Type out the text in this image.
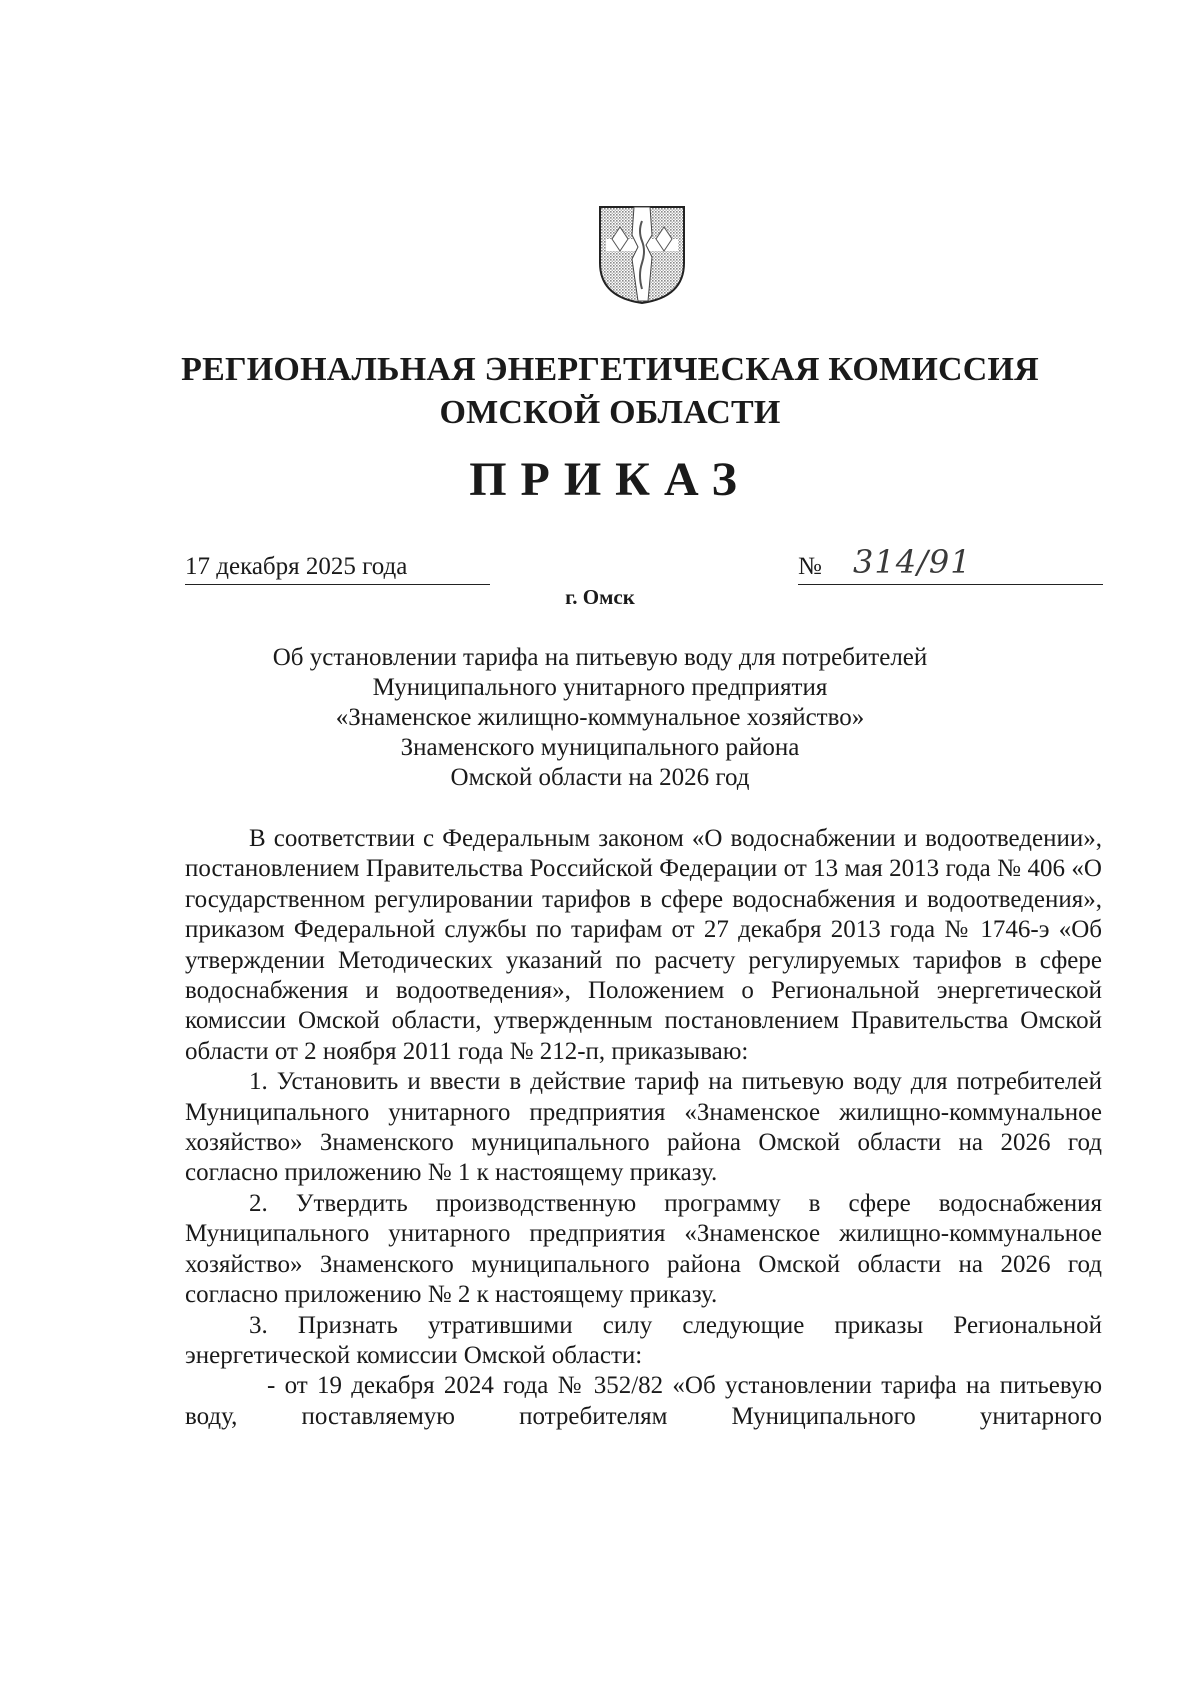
РЕГИОНАЛЬНАЯ ЭНЕРГЕТИЧЕСКАЯ КОМИССИЯ
ОМСКОЙ ОБЛАСТИ
ПРИКАЗ
17 декабря 2025 года	№ 314/91
г. Омск
Об установлении тарифа на питьевую воду для потребителей
Муниципального унитарного предприятия
«Знаменское жилищно-коммунальное хозяйство»
Знаменского муниципального района
Омской области на 2026 год

В соответствии с Федеральным законом «О водоснабжении и водоотведении», постановлением Правительства Российской Федерации от 13 мая 2013 года № 406 «О государственном регулировании тарифов в сфере водоснабжения и водоотведения», приказом Федеральной службы по тарифам от 27 декабря 2013 года № 1746-э «Об утверждении Методических указаний по расчету регулируемых тарифов в сфере водоснабжения и водоотведения», Положением о Региональной энергетической комиссии Омской области, утвержденным постановлением Правительства Омской области от 2 ноября 2011 года № 212-п, приказываю:

1. Установить и ввести в действие тариф на питьевую воду для потребителей Муниципального унитарного предприятия «Знаменское жилищно-коммунальное хозяйство» Знаменского муниципального района Омской области на 2026 год согласно приложению № 1 к настоящему приказу.

2. Утвердить производственную программу в сфере водоснабжения Муниципального унитарного предприятия «Знаменское жилищно-коммунальное хозяйство» Знаменского муниципального района Омской области на 2026 год согласно приложению № 2 к настоящему приказу.

3. Признать утратившими силу следующие приказы Региональной энергетической комиссии Омской области:

- от 19 декабря 2024 года № 352/82 «Об установлении тарифа на питьевую воду, поставляемую потребителям Муниципального унитарного
